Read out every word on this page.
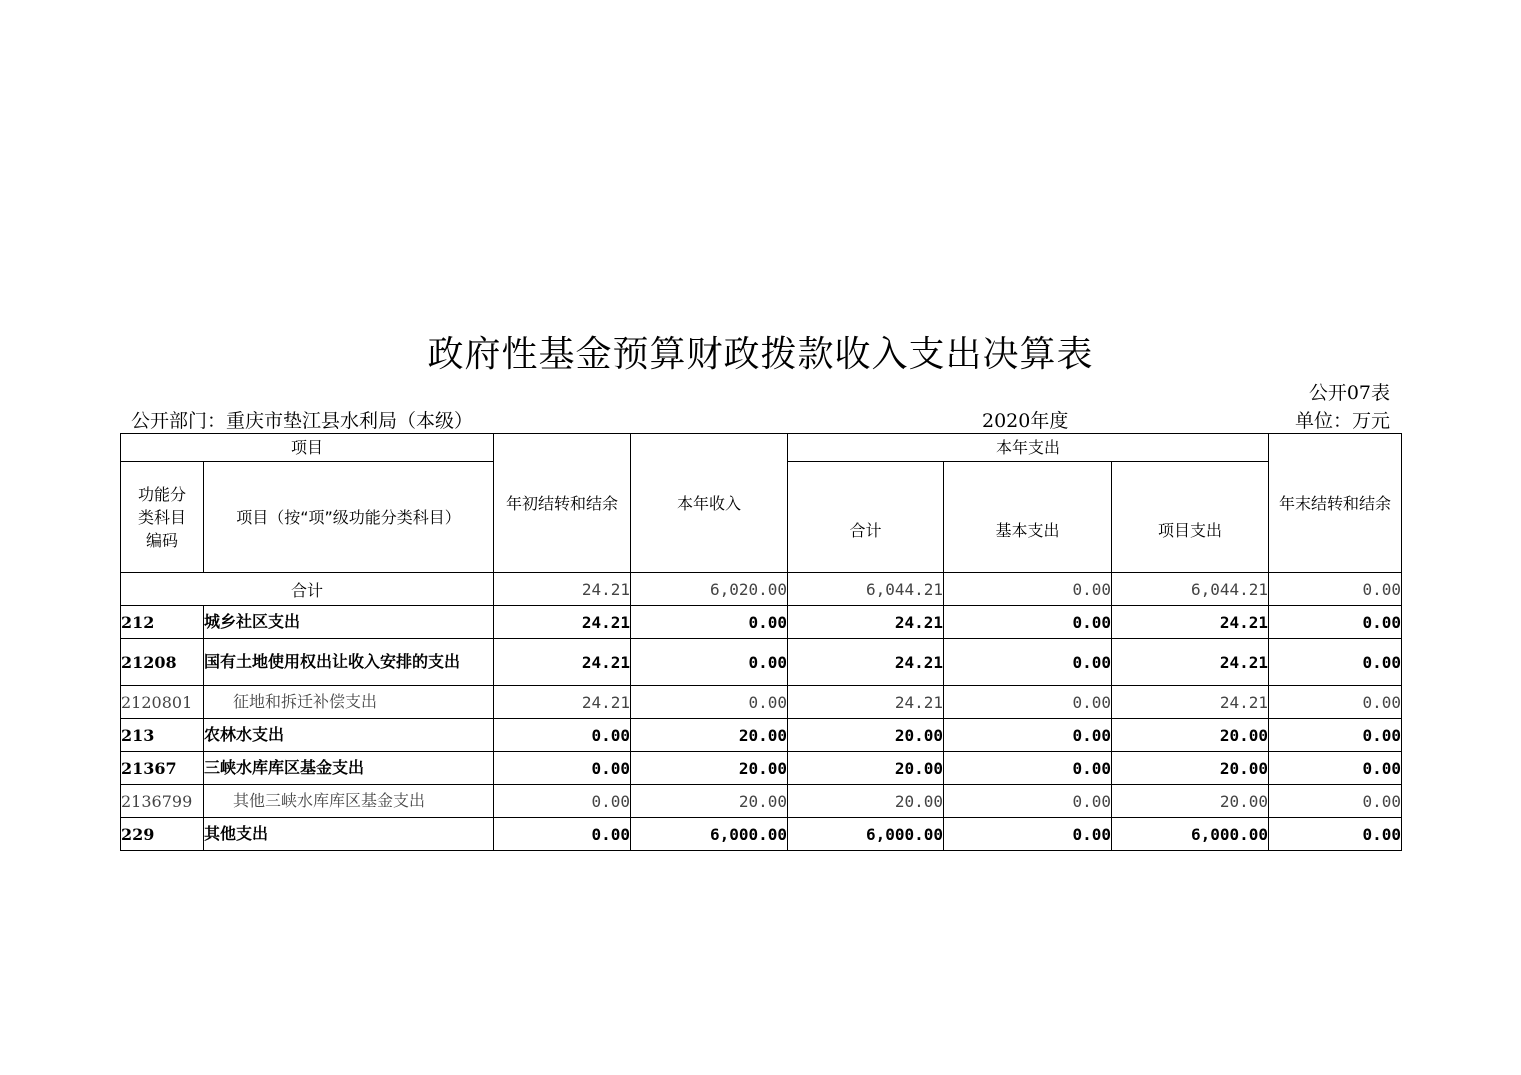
政府性基金预算财政拨款收入支出决算表
公开07表
公开部门：重庆市垫江县水利局（本级）	2020年度	单位：万元
项目		年初结转和结余	本年收入	本年支出			年末结转和结余
功能分类科目编码	项目（按“项”级功能分类科目）			合计	基本支出	项目支出	
合计		24.21	6,020.00	6,044.21	0.00	6,044.21	0.00
212	城乡社区支出	24.21	0.00	24.21	0.00	24.21	0.00
21208	国有土地使用权出让收入安排的支出	24.21	0.00	24.21	0.00	24.21	0.00
2120801	征地和拆迁补偿支出	24.21	0.00	24.21	0.00	24.21	0.00
213	农林水支出	0.00	20.00	20.00	0.00	20.00	0.00
21367	三峡水库库区基金支出	0.00	20.00	20.00	0.00	20.00	0.00
2136799	其他三峡水库库区基金支出	0.00	20.00	20.00	0.00	20.00	0.00
229	其他支出	0.00	6,000.00	6,000.00	0.00	6,000.00	0.00
